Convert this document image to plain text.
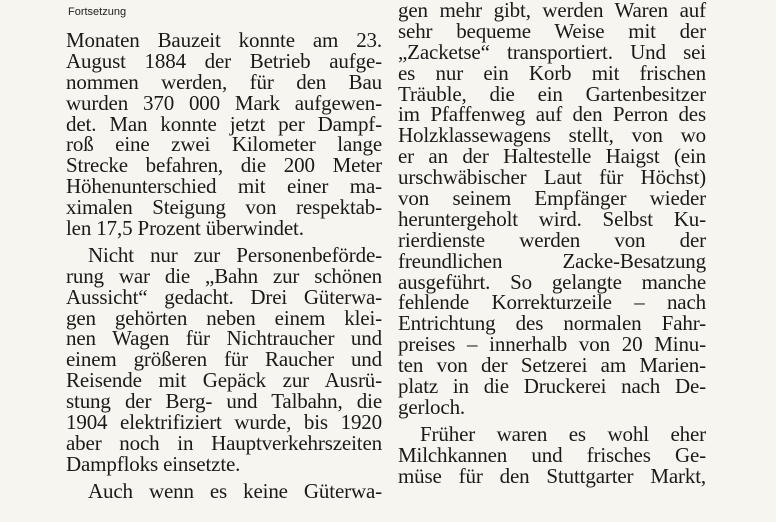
Fortsetzung
Monaten Bauzeit konnte am 23.
August 1884 der Betrieb aufge-
nommen werden, für den Bau
wurden 370 000 Mark aufgewen-
det. Man konnte jetzt per Dampf-
roß eine zwei Kilometer lange
Strecke befahren, die 200 Meter
Höhenunterschied mit einer ma-
ximalen Steigung von respektab-
len 17,5 Prozent überwindet.
Nicht nur zur Personenbeförde-
rung war die „Bahn zur schönen
Aussicht“ gedacht. Drei Güterwa-
gen gehörten neben einem klei-
nen Wagen für Nichtraucher und
einem größeren für Raucher und
Reisende mit Gepäck zur Ausrü-
stung der Berg- und Talbahn, die
1904 elektrifiziert wurde, bis 1920
aber noch in Hauptverkehrszeiten
Dampfloks einsetzte.
Auch wenn es keine Güterwa-
gen mehr gibt, werden Waren auf
sehr bequeme Weise mit der
„Zacketse“ transportiert. Und sei
es nur ein Korb mit frischen
Träuble, die ein Gartenbesitzer
im Pfaffenweg auf den Perron des
Holzklassewagens stellt, von wo
er an der Haltestelle Haigst (ein
urschwäbischer Laut für Höchst)
von seinem Empfänger wieder
heruntergeholt wird. Selbst Ku-
rierdienste werden von der
freundlichen Zacke-Besatzung
ausgeführt. So gelangte manche
fehlende Korrekturzeile – nach
Entrichtung des normalen Fahr-
preises – innerhalb von 20 Minu-
ten von der Setzerei am Marien-
platz in die Druckerei nach De-
gerloch.
Früher waren es wohl eher
Milchkannen und frisches Ge-
müse für den Stuttgarter Markt,
